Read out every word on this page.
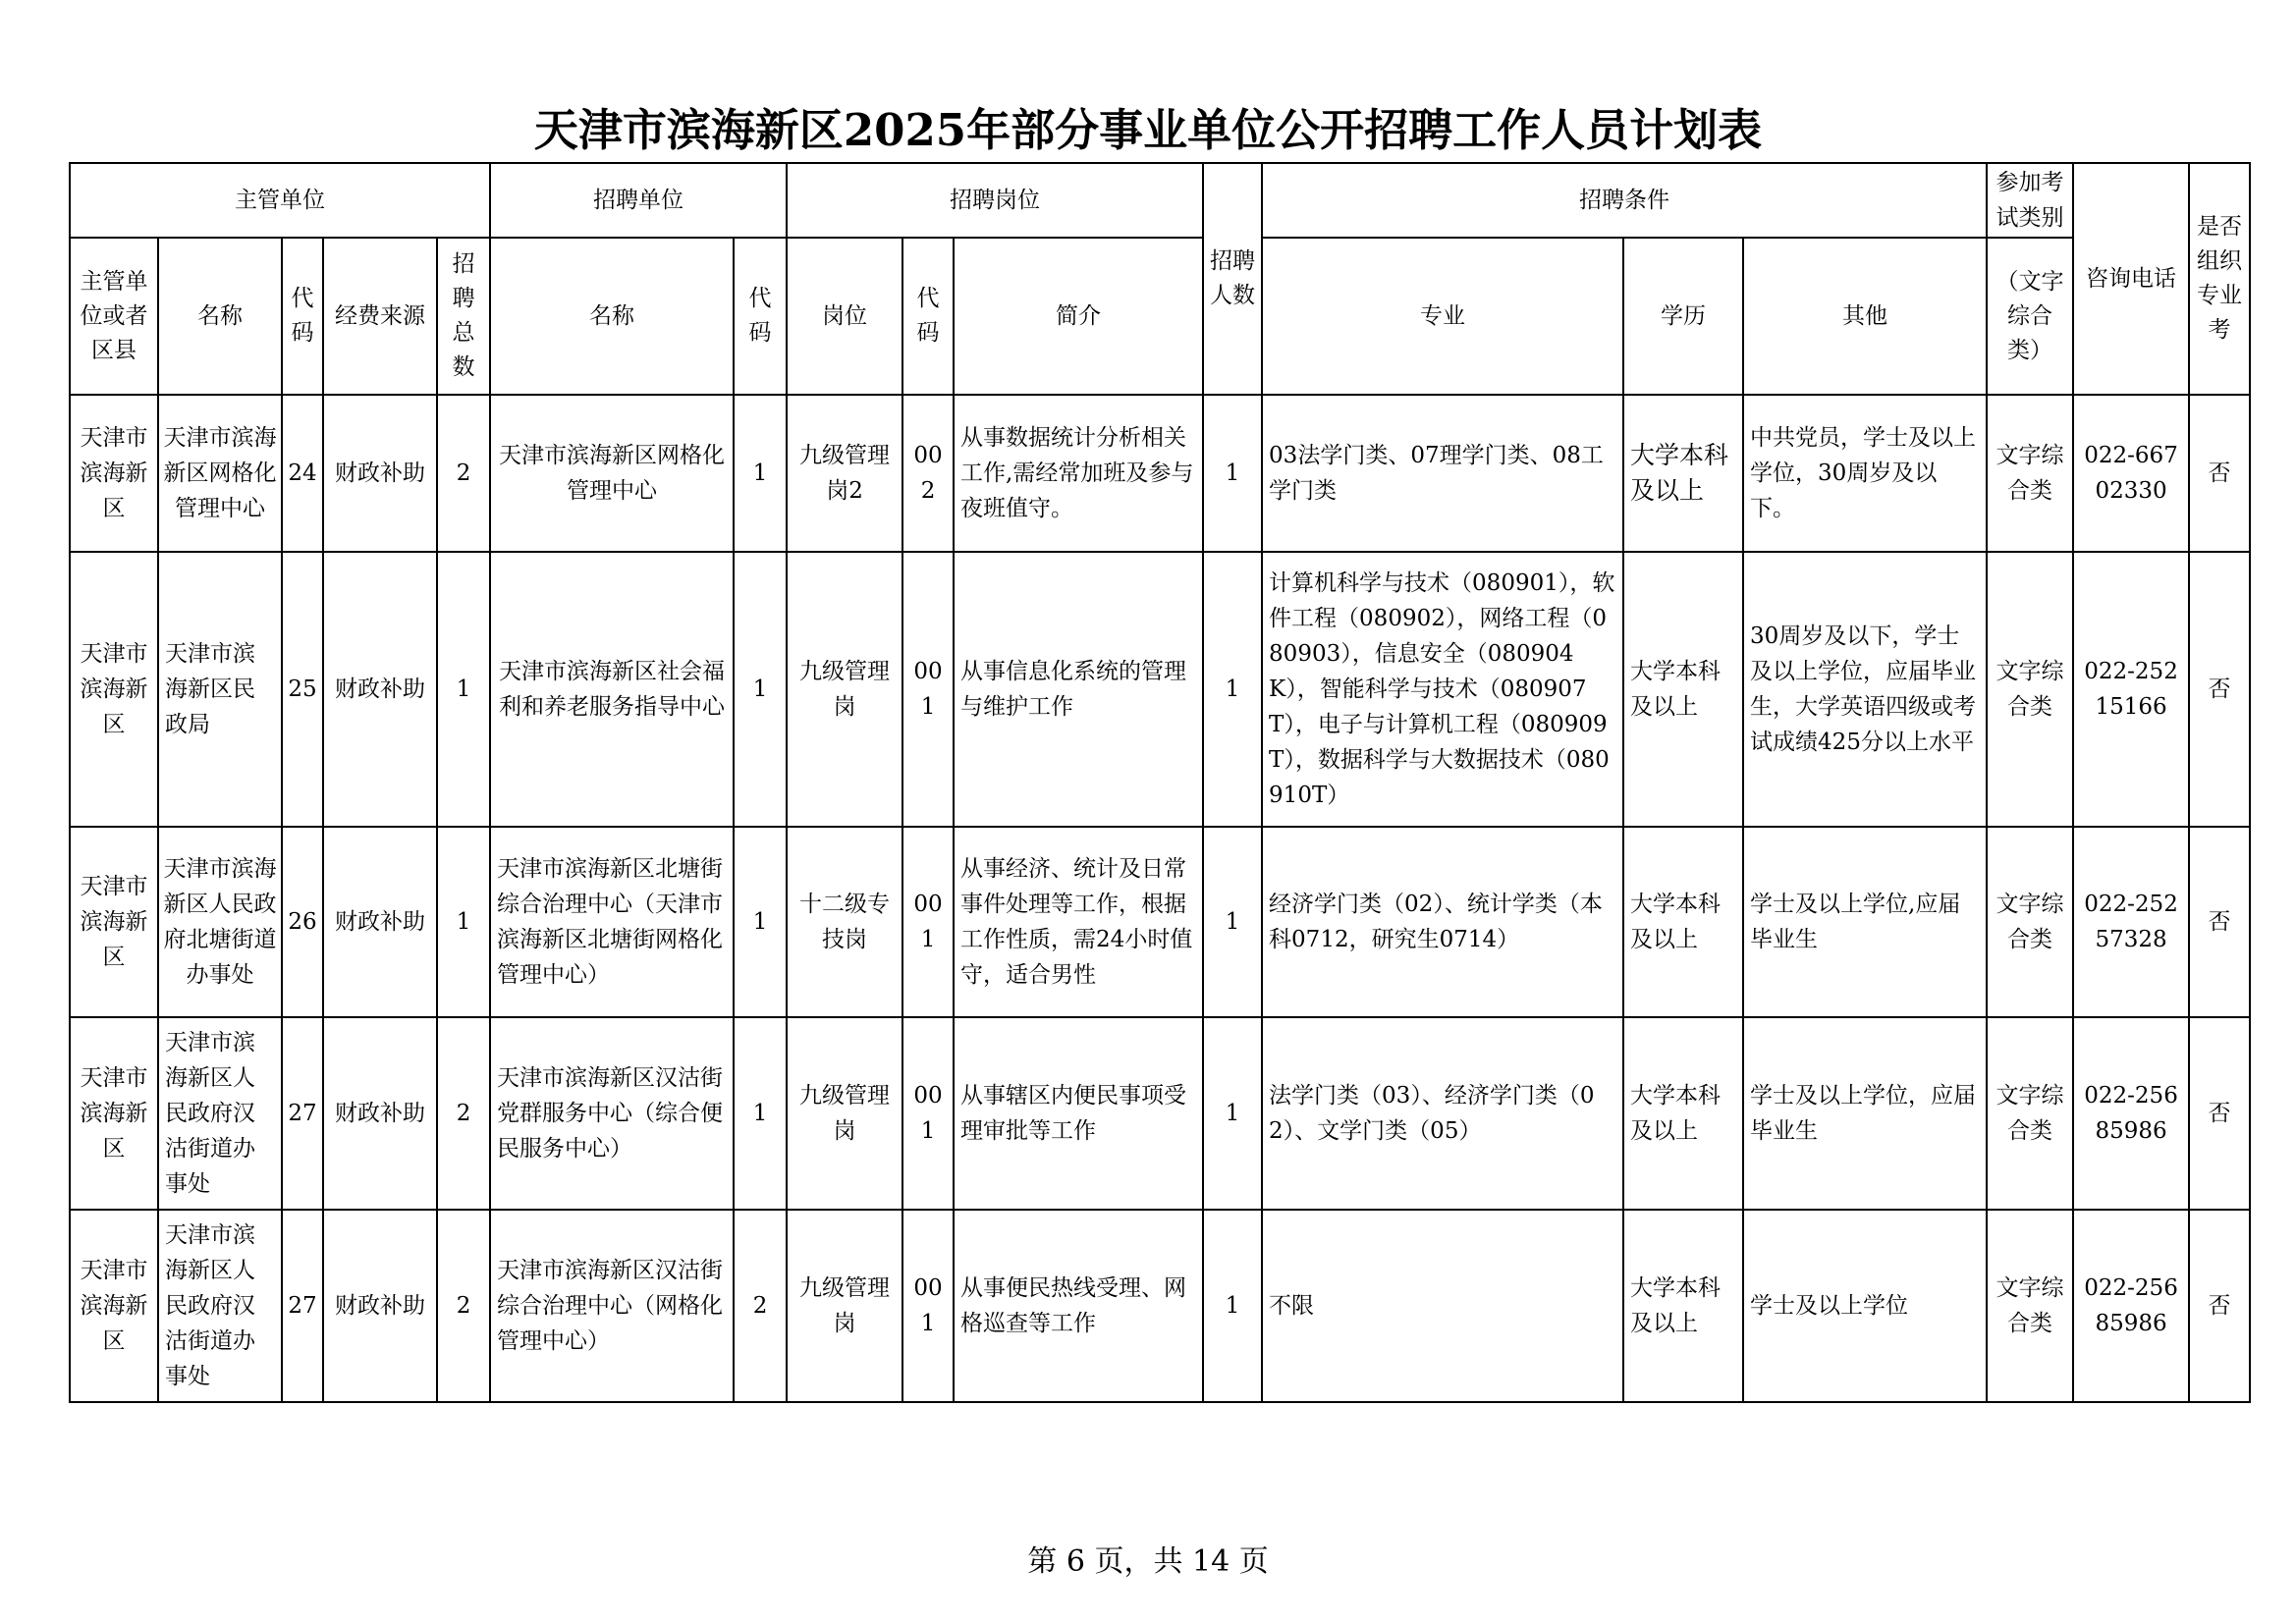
天津市滨海新区2025年部分事业单位公开招聘工作人员计划表
主管单位					招聘单位		招聘岗位			招聘人数	招聘条件			参加考试类别	咨询电话	是否组织专业考
主管单位或者区县	名称	代码	经费来源	招聘总数	名称	代码	岗位	代码	简介		专业	学历	其他	（文字综合类）		
天津市滨海新区	天津市滨海新区网格化管理中心	24	财政补助	2	天津市滨海新区网格化管理中心	1	九级管理岗2	002	从事数据统计分析相关工作,需经常加班及参与夜班值守。	1	03法学门类、07理学门类、08工学门类	大学本科及以上	中共党员，学士及以上学位，30周岁及以下。	文字综合类	022-66702330	否
天津市滨海新区	天津市滨海新区民政局	25	财政补助	1	天津市滨海新区社会福利和养老服务指导中心	1	九级管理岗	001	从事信息化系统的管理与维护工作	1	计算机科学与技术（080901），软件工程（080902），网络工程（080903），信息安全（080904K），智能科学与技术（080907T），电子与计算机工程（080909T），数据科学与大数据技术（080910T）	大学本科及以上	30周岁及以下，学士及以上学位，应届毕业生，大学英语四级或考试成绩425分以上水平	文字综合类	022-25215166	否
天津市滨海新区	天津市滨海新区人民政府北塘街道办事处	26	财政补助	1	天津市滨海新区北塘街综合治理中心（天津市滨海新区北塘街网格化管理中心）	1	十二级专技岗	001	从事经济、统计及日常事件处理等工作，根据工作性质，需24小时值守，适合男性	1	经济学门类（02）、统计学类（本科0712，研究生0714）	大学本科及以上	学士及以上学位,应届毕业生	文字综合类	022-25257328	否
天津市滨海新区	天津市滨海新区人民政府汉沽街道办事处	27	财政补助	2	天津市滨海新区汉沽街党群服务中心（综合便民服务中心）	1	九级管理岗	001	从事辖区内便民事项受理审批等工作	1	法学门类（03）、经济学门类（02）、文学门类（05）	大学本科及以上	学士及以上学位，应届毕业生	文字综合类	022-25685986	否
天津市滨海新区	天津市滨海新区人民政府汉沽街道办事处	27	财政补助	2	天津市滨海新区汉沽街综合治理中心（网格化管理中心）	2	九级管理岗	001	从事便民热线受理、网格巡查等工作	1	不限	大学本科及以上	学士及以上学位	文字综合类	022-25685986	否
第 6 页，共 14 页
